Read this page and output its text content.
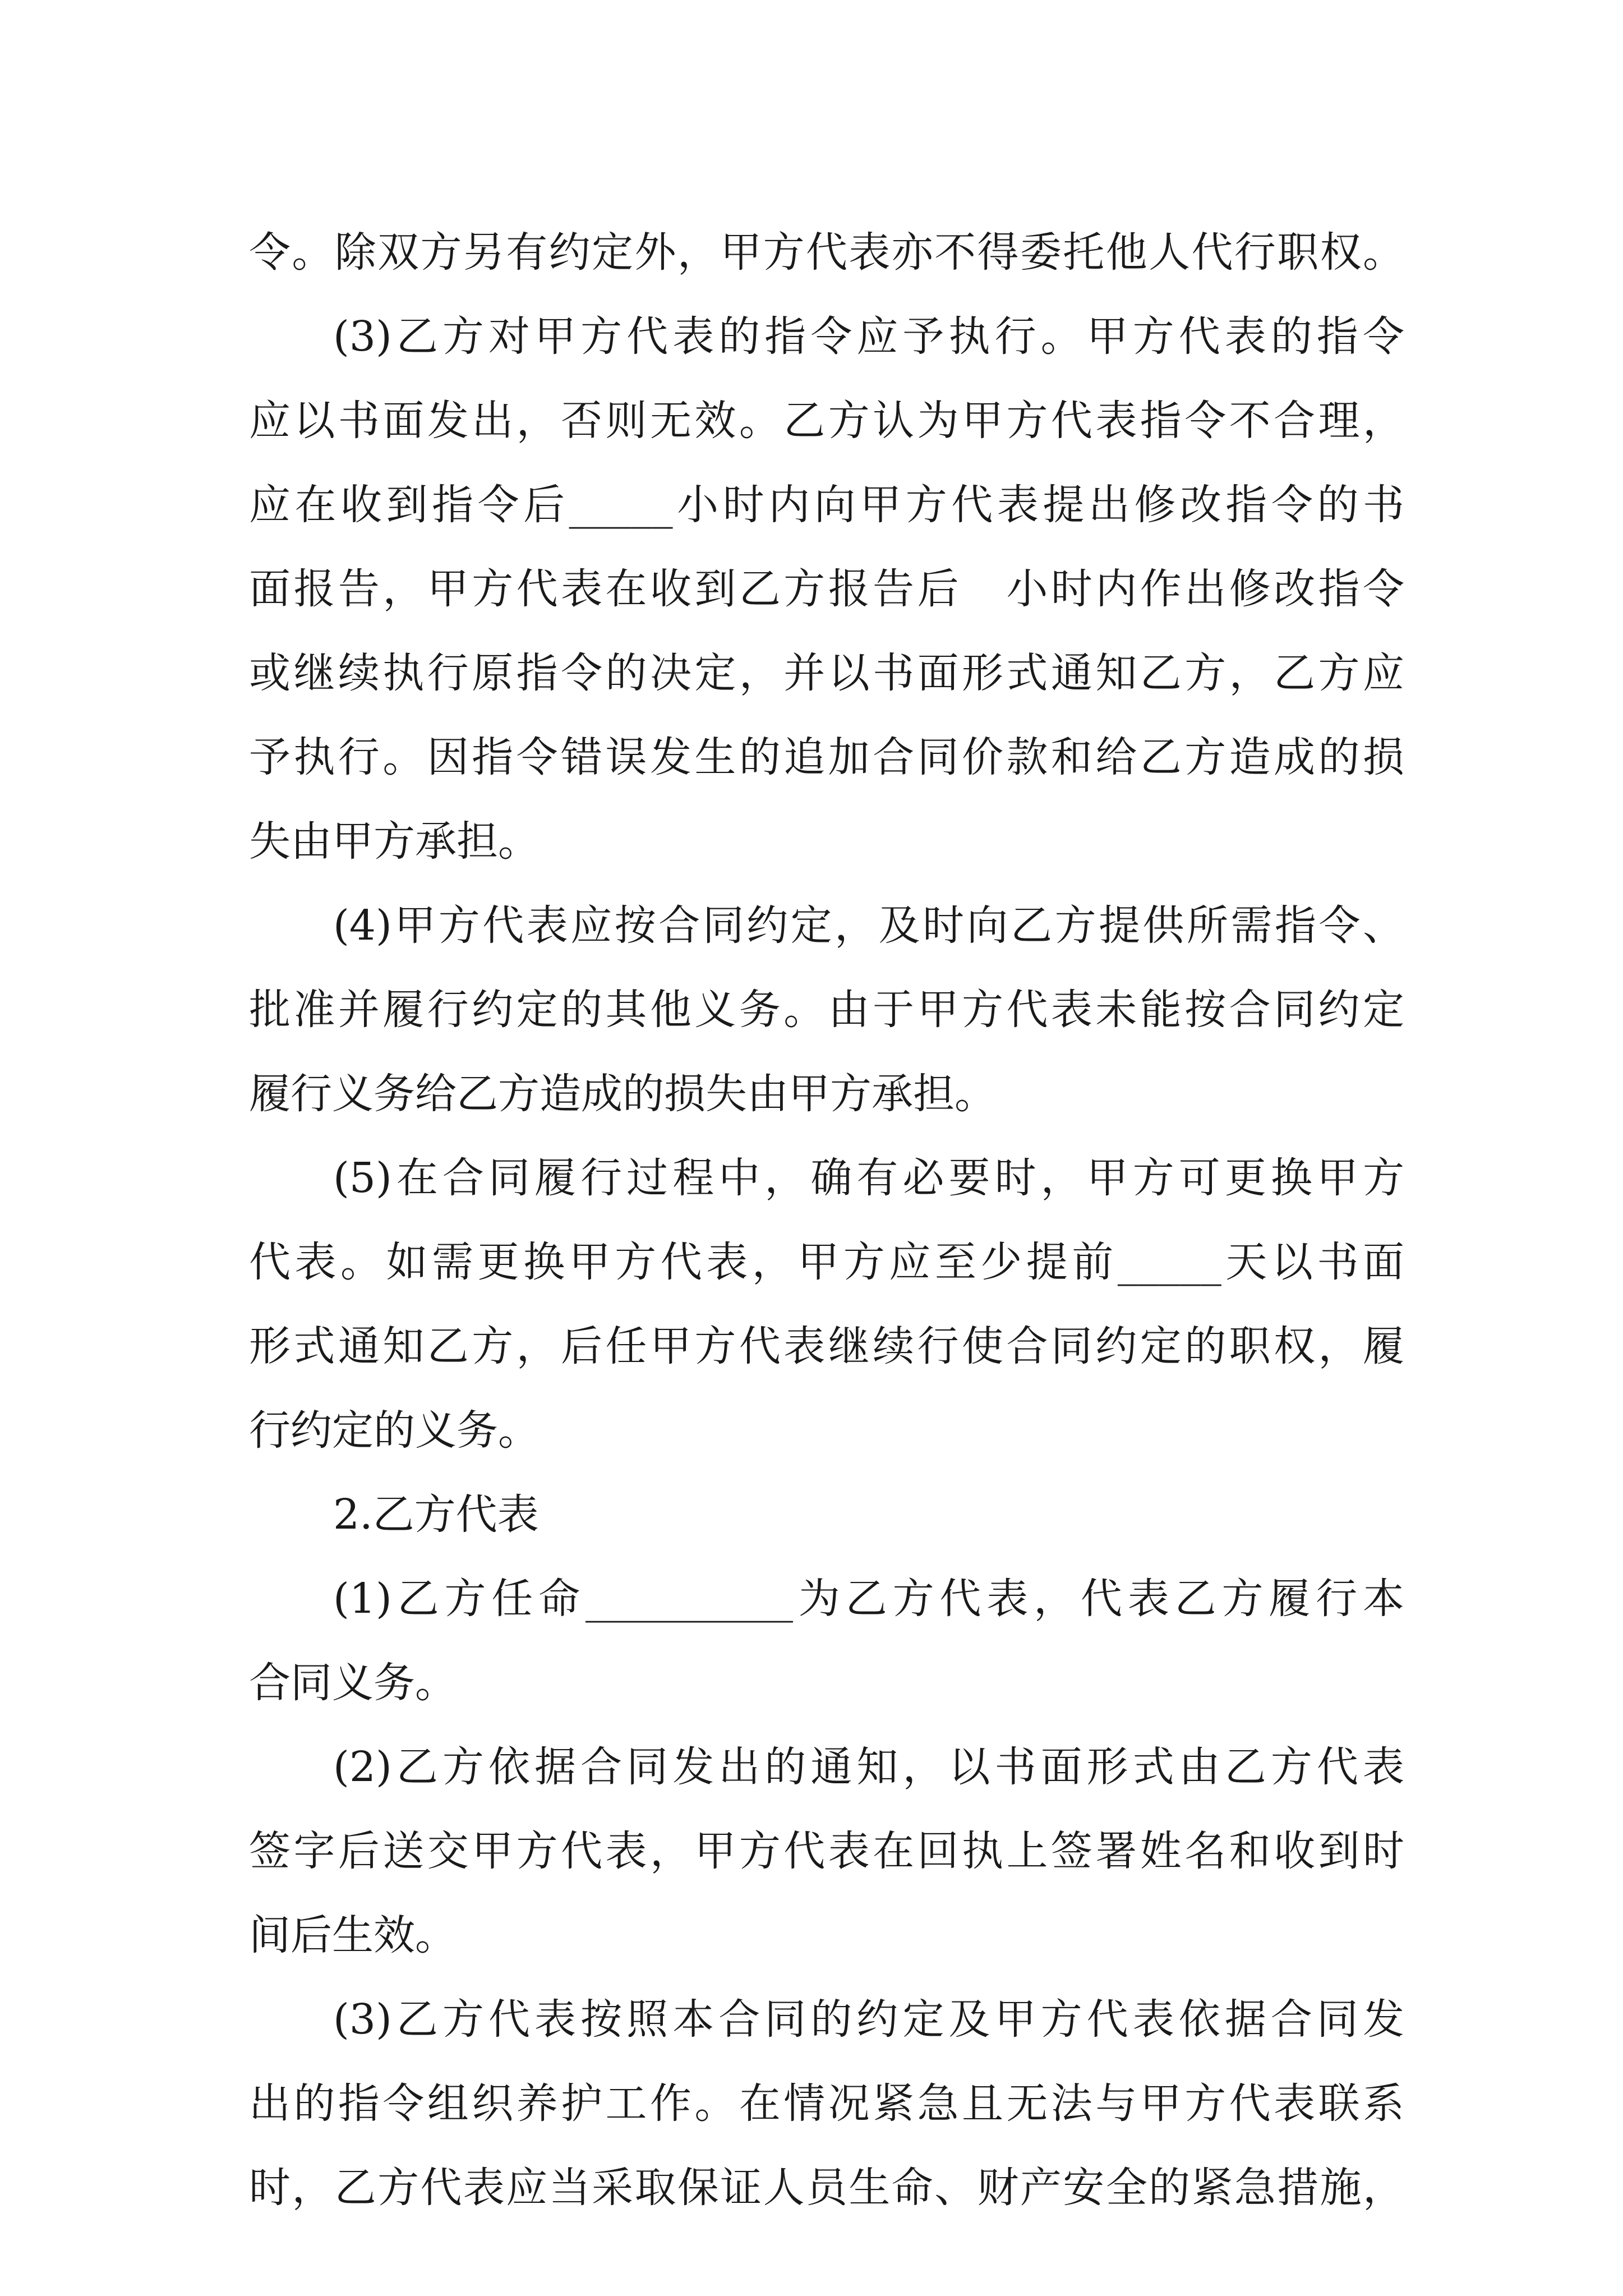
令。除双方另有约定外，甲方代表亦不得委托他人代行职权。
(3)乙方对甲方代表的指令应予执行。甲方代表的指令
应以书面发出，否则无效。乙方认为甲方代表指令不合理，
应在收到指令后_____小时内向甲方代表提出修改指令的书
面报告，甲方代表在收到乙方报告后　小时内作出修改指令
或继续执行原指令的决定，并以书面形式通知乙方，乙方应
予执行。因指令错误发生的追加合同价款和给乙方造成的损
失由甲方承担。
(4)甲方代表应按合同约定，及时向乙方提供所需指令、
批准并履行约定的其他义务。由于甲方代表未能按合同约定
履行义务给乙方造成的损失由甲方承担。
(5)在合同履行过程中，确有必要时，甲方可更换甲方
代表。如需更换甲方代表，甲方应至少提前_____天以书面
形式通知乙方，后任甲方代表继续行使合同约定的职权，履
行约定的义务。
2.乙方代表
(1)乙方任命__________为乙方代表，代表乙方履行本
合同义务。
(2)乙方依据合同发出的通知，以书面形式由乙方代表
签字后送交甲方代表，甲方代表在回执上签署姓名和收到时
间后生效。
(3)乙方代表按照本合同的约定及甲方代表依据合同发
出的指令组织养护工作。在情况紧急且无法与甲方代表联系
时，乙方代表应当采取保证人员生命、财产安全的紧急措施，
